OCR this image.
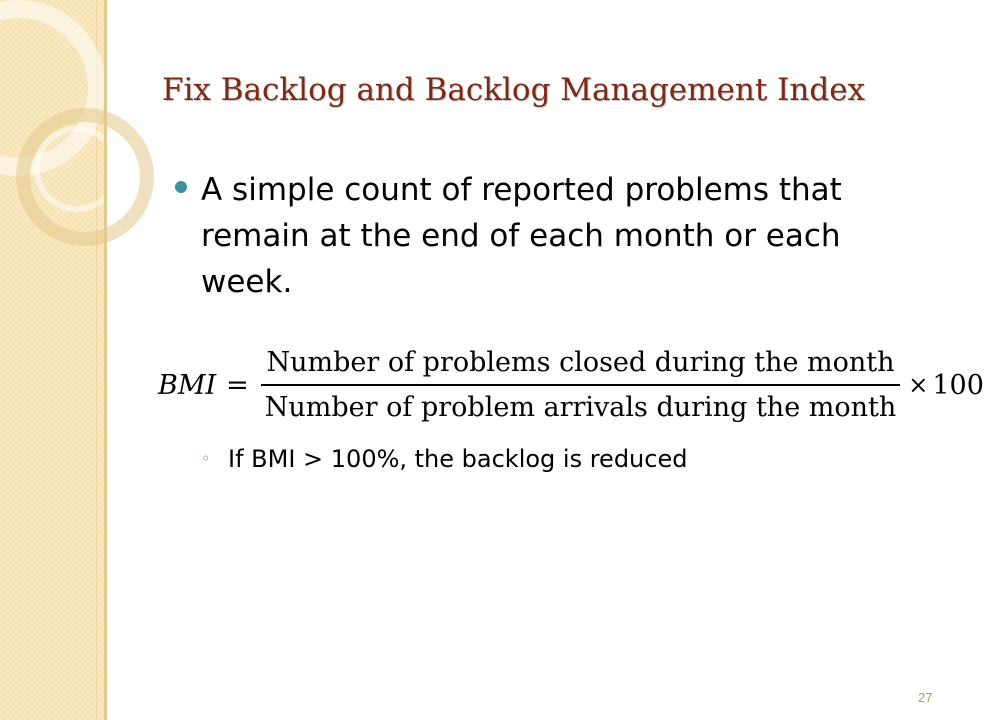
Fix Backlog and Backlog Management Index

A simple count of reported problems that remain at the end of each month or each week.

BMI = $\frac{\text{Number of problems closed during the month}}{\text{Number of problem arrivals during the month}} \times 100$
◦ If BMI > 100%, the backlog is reduced

27
